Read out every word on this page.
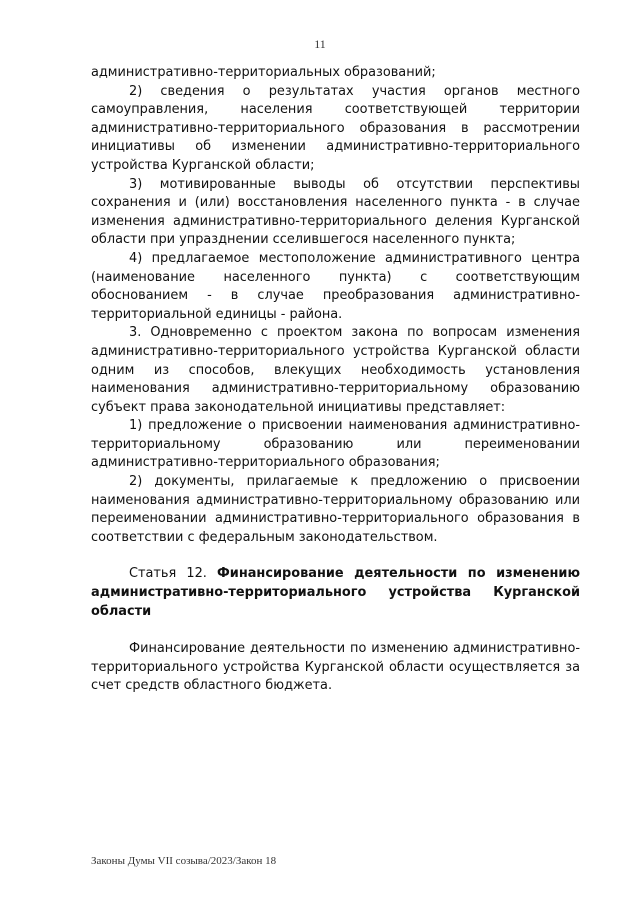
11

административно-территориальных образований;

2) сведения о результатах участия органов местного самоуправления, населения соответствующей территории административно-территориального образования в рассмотрении инициативы об изменении административно-территориального устройства Курганской области;

3) мотивированные выводы об отсутствии перспективы сохранения и (или) восстановления населенного пункта - в случае изменения административно-территориального деления Курганской области при упразднении сселившегося населенного пункта;

4) предлагаемое местоположение административного центра (наименование населенного пункта) с соответствующим обоснованием - в случае преобразования административно-территориальной единицы - района.

3. Одновременно с проектом закона по вопросам изменения административно-территориального устройства Курганской области одним из способов, влекущих необходимость установления наименования административно-территориальному образованию субъект права законодательной инициативы представляет:

1) предложение о присвоении наименования административно-территориальному образованию или переименовании административно-территориального образования;

2) документы, прилагаемые к предложению о присвоении наименования административно-территориальному образованию или переименовании административно-территориального образования в соответствии с федеральным законодательством.

Статья 12. Финансирование деятельности по изменению административно-территориального устройства Курганской области

Финансирование деятельности по изменению административно-территориального устройства Курганской области осуществляется за счет средств областного бюджета.

Законы Думы VII созыва/2023/Закон 18
